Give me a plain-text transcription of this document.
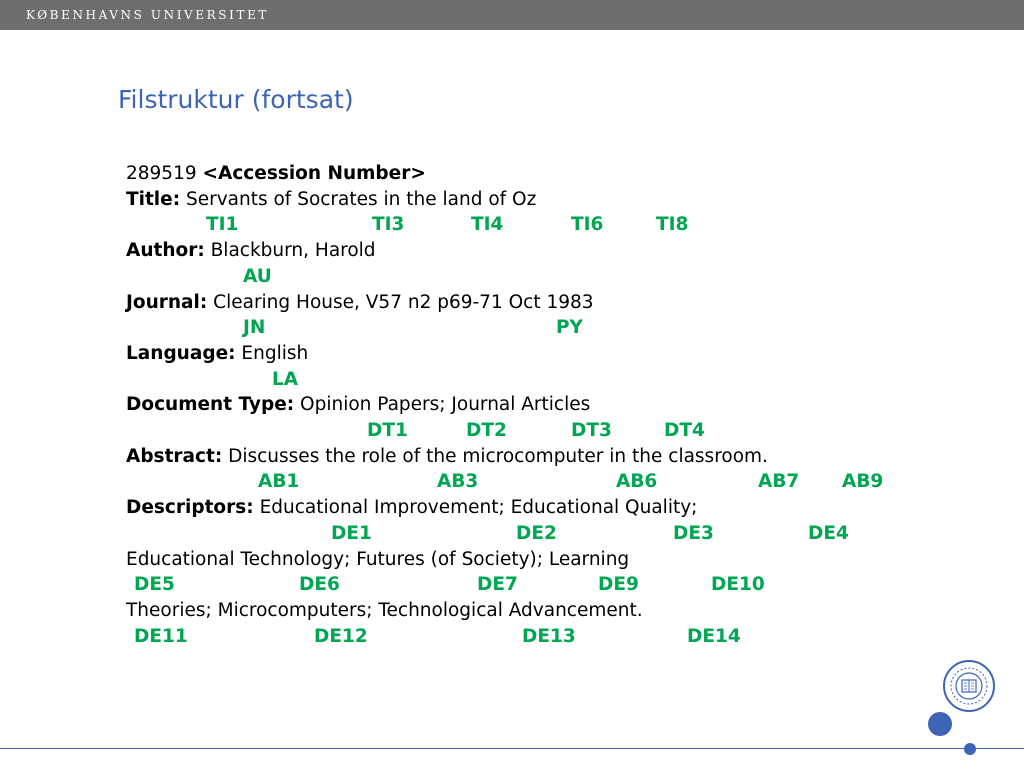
KØBENHAVNS UNIVERSITET
Filstruktur (fortsat)
289519 <Accession Number>
Title: Servants of Socrates in the land of Oz
TI1	TI3	TI4	TI6	TI8
Author: Blackburn, Harold
AU
Journal: Clearing House, V57 n2 p69-71 Oct 1983
JN	PY
Language: English
LA
Document Type: Opinion Papers; Journal Articles
DT1	DT2	DT3	DT4
Abstract: Discusses the role of the microcomputer in the classroom.
AB1	AB3	AB6	AB7 AB9
Descriptors: Educational Improvement; Educational Quality;
DE1	DE2	DE3	DE4
Educational Technology; Futures (of Society); Learning
DE5	DE6	DE7	DE9	DE10
Theories; Microcomputers; Technological Advancement.
DE11	DE12	DE13	DE14
